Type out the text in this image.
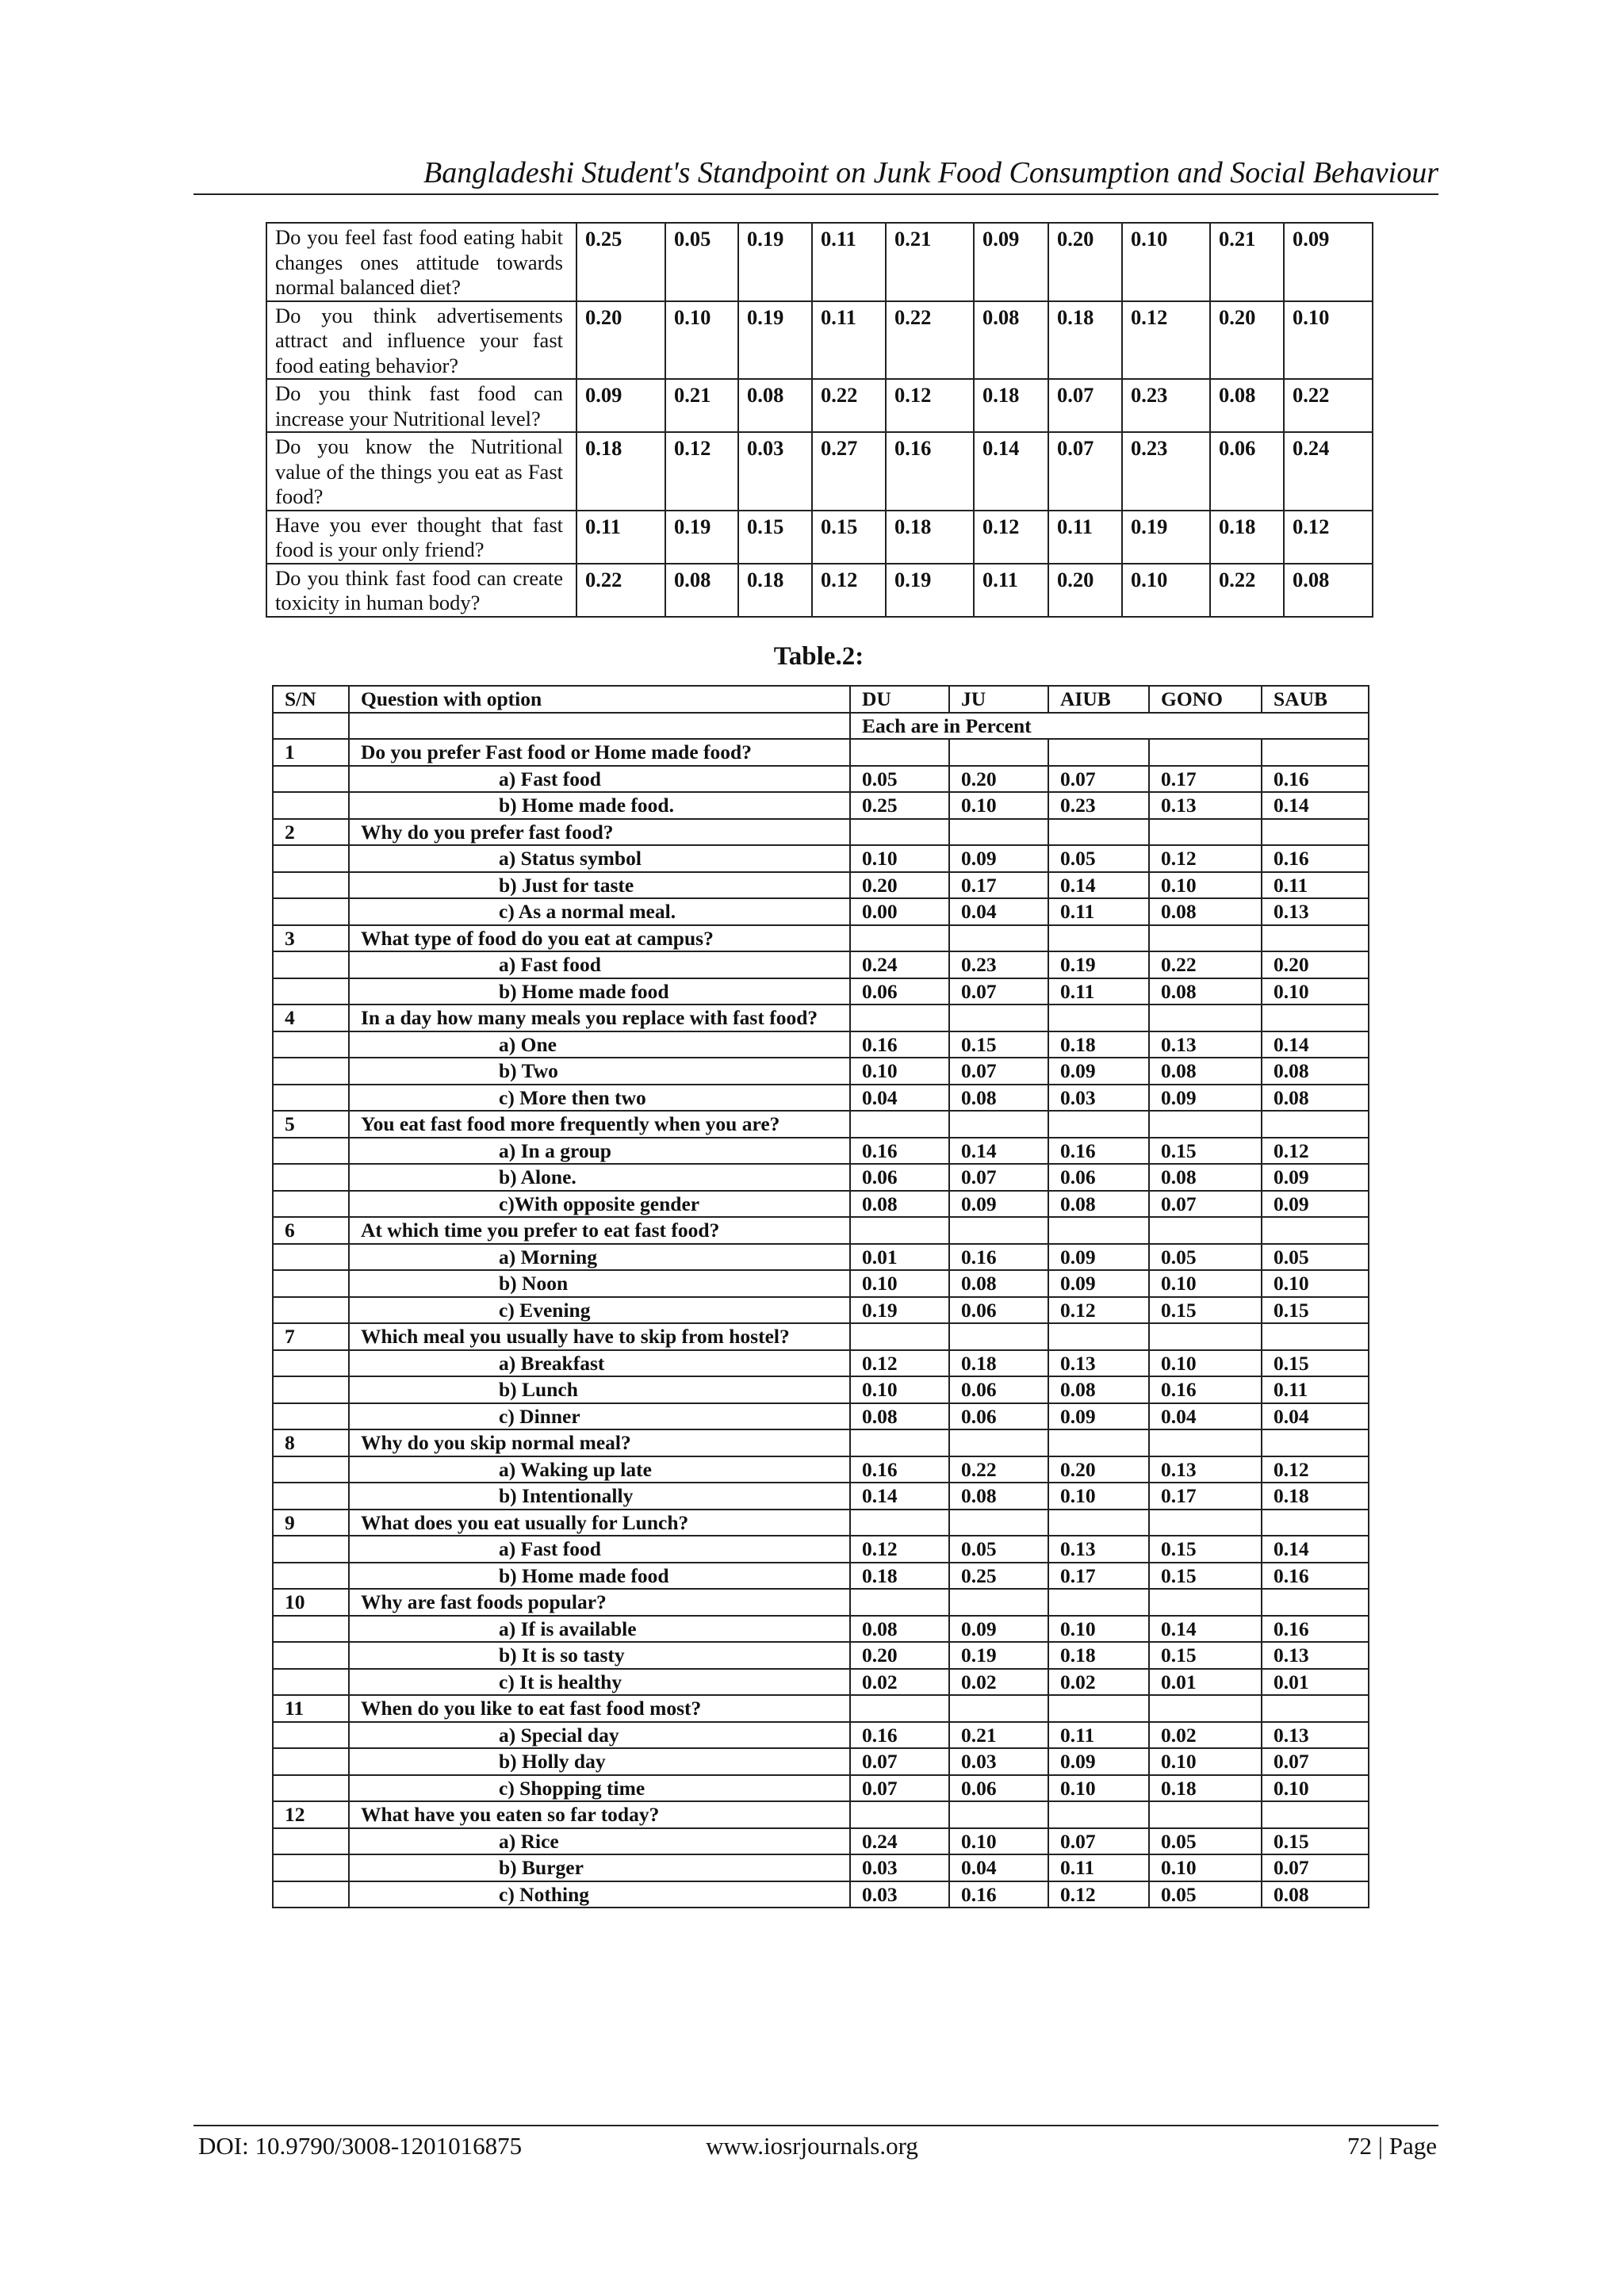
Bangladeshi Student's Standpoint on Junk Food Consumption and Social Behaviour
Do you feel fast food eating habit changes ones attitude towards normal balanced diet?	0.25	0.05	0.19	0.11	0.21	0.09	0.20	0.10	0.21	0.09
Do you think advertisements attract and influence your fast food eating behavior?	0.20	0.10	0.19	0.11	0.22	0.08	0.18	0.12	0.20	0.10
Do you think fast food can increase your Nutritional level?	0.09	0.21	0.08	0.22	0.12	0.18	0.07	0.23	0.08	0.22
Do you know the Nutritional value of the things you eat as Fast food?	0.18	0.12	0.03	0.27	0.16	0.14	0.07	0.23	0.06	0.24
Have you ever thought that fast food is your only friend?	0.11	0.19	0.15	0.15	0.18	0.12	0.11	0.19	0.18	0.12
Do you think fast food can create toxicity in human body?	0.22	0.08	0.18	0.12	0.19	0.11	0.20	0.10	0.22	0.08
Table.2:
S/N	Question with option	DU	JU	AIUB	GONO	SAUB
		Each are in Percent				
1	Do you prefer Fast food or Home made food?					
	a) Fast food	0.05	0.20	0.07	0.17	0.16
	b) Home made food.	0.25	0.10	0.23	0.13	0.14
2	Why do you prefer fast food?					
	a) Status symbol	0.10	0.09	0.05	0.12	0.16
	b) Just for taste	0.20	0.17	0.14	0.10	0.11
	c) As a normal meal.	0.00	0.04	0.11	0.08	0.13
3	What type of food do you eat at campus?					
	a) Fast food	0.24	0.23	0.19	0.22	0.20
	b) Home made food	0.06	0.07	0.11	0.08	0.10
4	In a day how many meals you replace with fast food?					
	a) One	0.16	0.15	0.18	0.13	0.14
	b) Two	0.10	0.07	0.09	0.08	0.08
	c) More then two	0.04	0.08	0.03	0.09	0.08
5	You eat fast food more frequently when you are?					
	a) In a group	0.16	0.14	0.16	0.15	0.12
	b) Alone.	0.06	0.07	0.06	0.08	0.09
	c)With opposite gender	0.08	0.09	0.08	0.07	0.09
6	At which time you prefer to eat fast food?					
	a) Morning	0.01	0.16	0.09	0.05	0.05
	b) Noon	0.10	0.08	0.09	0.10	0.10
	c) Evening	0.19	0.06	0.12	0.15	0.15
7	Which meal you usually have to skip from hostel?					
	a) Breakfast	0.12	0.18	0.13	0.10	0.15
	b) Lunch	0.10	0.06	0.08	0.16	0.11
	c) Dinner	0.08	0.06	0.09	0.04	0.04
8	Why do you skip normal meal?					
	a) Waking up late	0.16	0.22	0.20	0.13	0.12
	b) Intentionally	0.14	0.08	0.10	0.17	0.18
9	What does you eat usually for Lunch?					
	a) Fast food	0.12	0.05	0.13	0.15	0.14
	b) Home made food	0.18	0.25	0.17	0.15	0.16
10	Why are fast foods popular?					
	a) If is available	0.08	0.09	0.10	0.14	0.16
	b) It is so tasty	0.20	0.19	0.18	0.15	0.13
	c) It is healthy	0.02	0.02	0.02	0.01	0.01
11	When do you like to eat fast food most?					
	a) Special day	0.16	0.21	0.11	0.02	0.13
	b) Holly day	0.07	0.03	0.09	0.10	0.07
	c) Shopping time	0.07	0.06	0.10	0.18	0.10
12	What have you eaten so far today?					
	a) Rice	0.24	0.10	0.07	0.05	0.15
	b) Burger	0.03	0.04	0.11	0.10	0.07
	c) Nothing	0.03	0.16	0.12	0.05	0.08
DOI: 10.9790/3008-1201016875	www.iosrjournals.org	72 | Page
